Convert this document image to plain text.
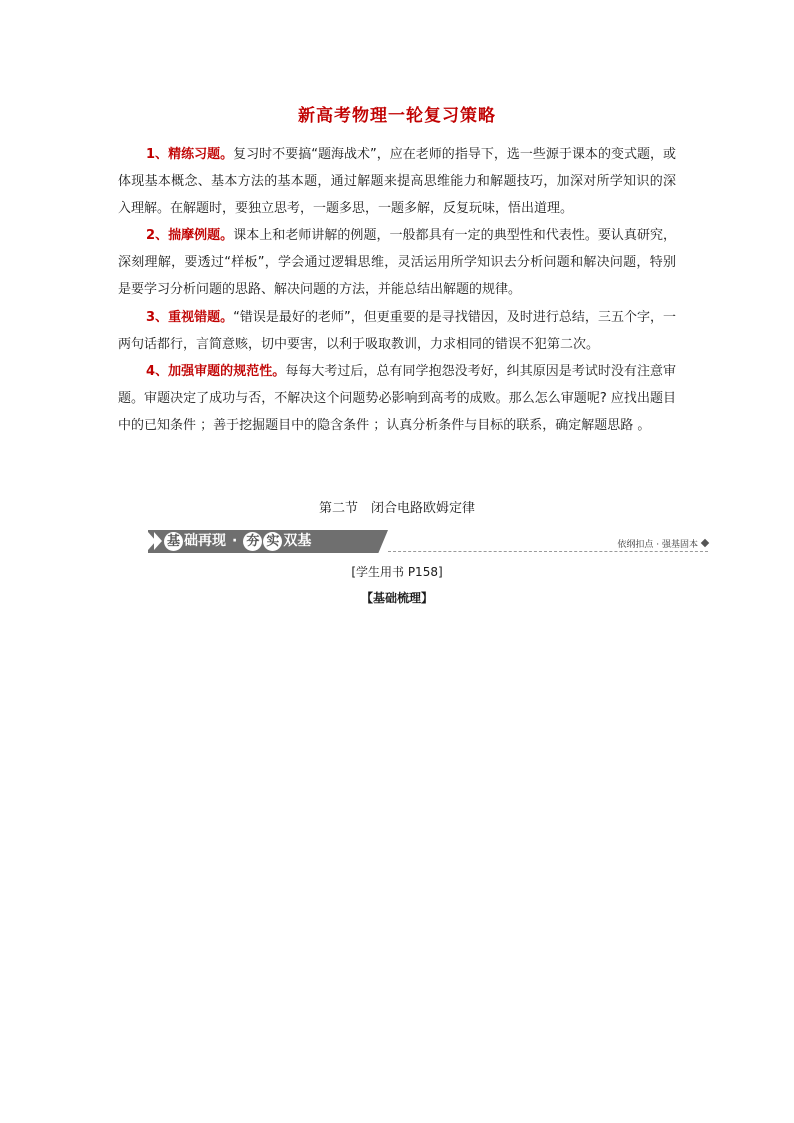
新高考物理一轮复习策略
1、精练习题。复习时不要搞“题海战术”，应在老师的指导下，选一些源于课本的变式题，或体现基本概念、基本方法的基本题，通过解题来提高思维能力和解题技巧，加深对所学知识的深入理解。在解题时，要独立思考，一题多思，一题多解，反复玩味，悟出道理。
2、揣摩例题。课本上和老师讲解的例题，一般都具有一定的典型性和代表性。要认真研究，深刻理解，要透过“样板”，学会通过逻辑思维，灵活运用所学知识去分析问题和解决问题，特别是要学习分析问题的思路、解决问题的方法，并能总结出解题的规律。
3、重视错题。“错误是最好的老师”，但更重要的是寻找错因，及时进行总结，三五个字，一两句话都行，言简意赅，切中要害，以利于吸取教训，力求相同的错误不犯第二次。
4、加强审题的规范性。每每大考过后，总有同学抱怨没考好，纠其原因是考试时没有注意审题。审题决定了成功与否，不解决这个问题势必影响到高考的成败。那么怎么审题呢? 应找出题目中的已知条件 ；善于挖掘题目中的隐含条件 ；认真分析条件与目标的联系，确定解题思路 。
第二节　闭合电路欧姆定律
基 础再现 · 夯 实 双基	依纲扣点 · 强基固本
[学生用书 P158]
【基础梳理】
